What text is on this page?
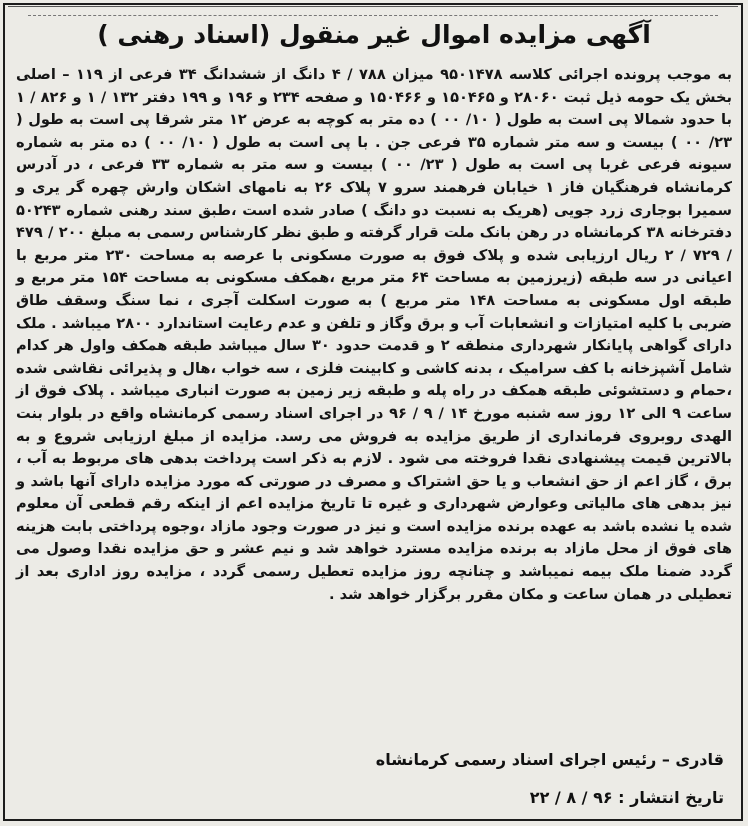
آگهی مزایده اموال غیر منقول (اسناد رهنی )

به موجب پرونده اجرائی کلاسه ۹۵۰۱۴۷۸ میزان ۷۸۸ / ۴ دانگ از ششدانگ ۳۴ فرعی از ۱۱۹ – اصلی بخش یک حومه ذیل ثبت ۲۸۰۶۰ و ۱۵۰۴۶۵ و ۱۵۰۴۶۶ و صفحه ۲۳۴ و ۱۹۶ و ۱۹۹ دفتر ۱۳۲ / ۱ و ۸۲۶ / ۱ با حدود شمالا پی است به طول ( ۱۰/ ۰۰ ) ده متر به کوچه به عرض ۱۲ متر شرقا پی است به طول ( ۲۳/ ۰۰ ) بیست و سه متر شماره ۳۵ فرعی جن . با پی است به طول ( ۱۰/ ۰۰ ) ده متر به شماره سیونه فرعی غربا پی است به طول ( ۲۳/ ۰۰ ) بیست و سه متر به شماره ۳۳ فرعی ، در آدرس کرمانشاه فرهنگیان فاز ۱ خیابان فرهمند سرو ۷ پلاک ۲۶ به نامهای اشکان وارش چهره گر یری و سمیرا بوجاری زرد جویی (هریک به نسبت دو دانگ ) صادر شده است ،طبق سند رهنی شماره ۵۰۲۴۳ دفترخانه ۳۸ کرمانشاه در رهن بانک ملت قرار گرفته و طبق نظر کارشناس رسمی به مبلغ ۲۰۰ / ۴۷۹ / ۷۲۹ / ۲ ریال ارزیابی شده و پلاک فوق به صورت مسکونی با عرصه به مساحت ۲۳۰ متر مربع با اعیانی در سه طبقه (زیرزمین به مساحت ۶۴ متر مربع ،همکف مسکونی به مساحت ۱۵۴ متر مربع و طبقه اول مسکونی به مساحت ۱۴۸ متر مربع ) به صورت اسکلت آجری ، نما سنگ وسقف طاق ضربی با کلیه امتیازات و انشعابات آب و برق وگاز و تلفن و عدم رعایت استاندارد ۲۸۰۰ میباشد . ملک دارای گواهی پایانکار شهرداری منطقه ۲ و قدمت حدود ۳۰ سال میباشد طبقه همکف واول هر کدام شامل آشپزخانه با کف سرامیک ، بدنه کاشی و کابینت فلزی ، سه خواب ،هال و پذیرائی نقاشی شده ،حمام و دستشوئی طبقه همکف در راه پله و طبقه زیر زمین به صورت انباری میباشد . پلاک فوق از ساعت ۹ الی ۱۲ روز سه شنبه مورخ ۱۴ / ۹ / ۹۶ در اجرای اسناد رسمی کرمانشاه واقع در بلوار بنت الهدی روبروی فرمانداری از طریق مزایده به فروش می رسد. مزایده از مبلغ ارزیابی شروع و به بالاترین قیمت پیشنهادی نقدا فروخته می شود . لازم به ذکر است پرداخت بدهی های مربوط به آب ، برق ، گاز اعم از حق انشعاب و یا حق اشتراک و مصرف در صورتی که مورد مزایده دارای آنها باشد و نیز بدهی های مالیاتی وعوارض شهرداری و غیره تا تاریخ مزایده اعم از اینکه رقم قطعی آن معلوم شده یا نشده باشد به عهده برنده مزایده است و نیز در صورت وجود مازاد ،وجوه پرداختی بابت هزینه های فوق از محل مازاد به برنده مزایده مسترد خواهد شد و نیم عشر و حق مزایده نقدا وصول می گردد ضمنا ملک بیمه نمیباشد و چنانچه روز مزایده تعطیل رسمی گردد ، مزایده روز اداری بعد از تعطیلی در همان ساعت و مکان مقرر برگزار خواهد شد .

قادری – رئیس اجرای اسناد رسمی کرمانشاه

تاریخ انتشار : ۹۶ / ۸ / ۲۲
